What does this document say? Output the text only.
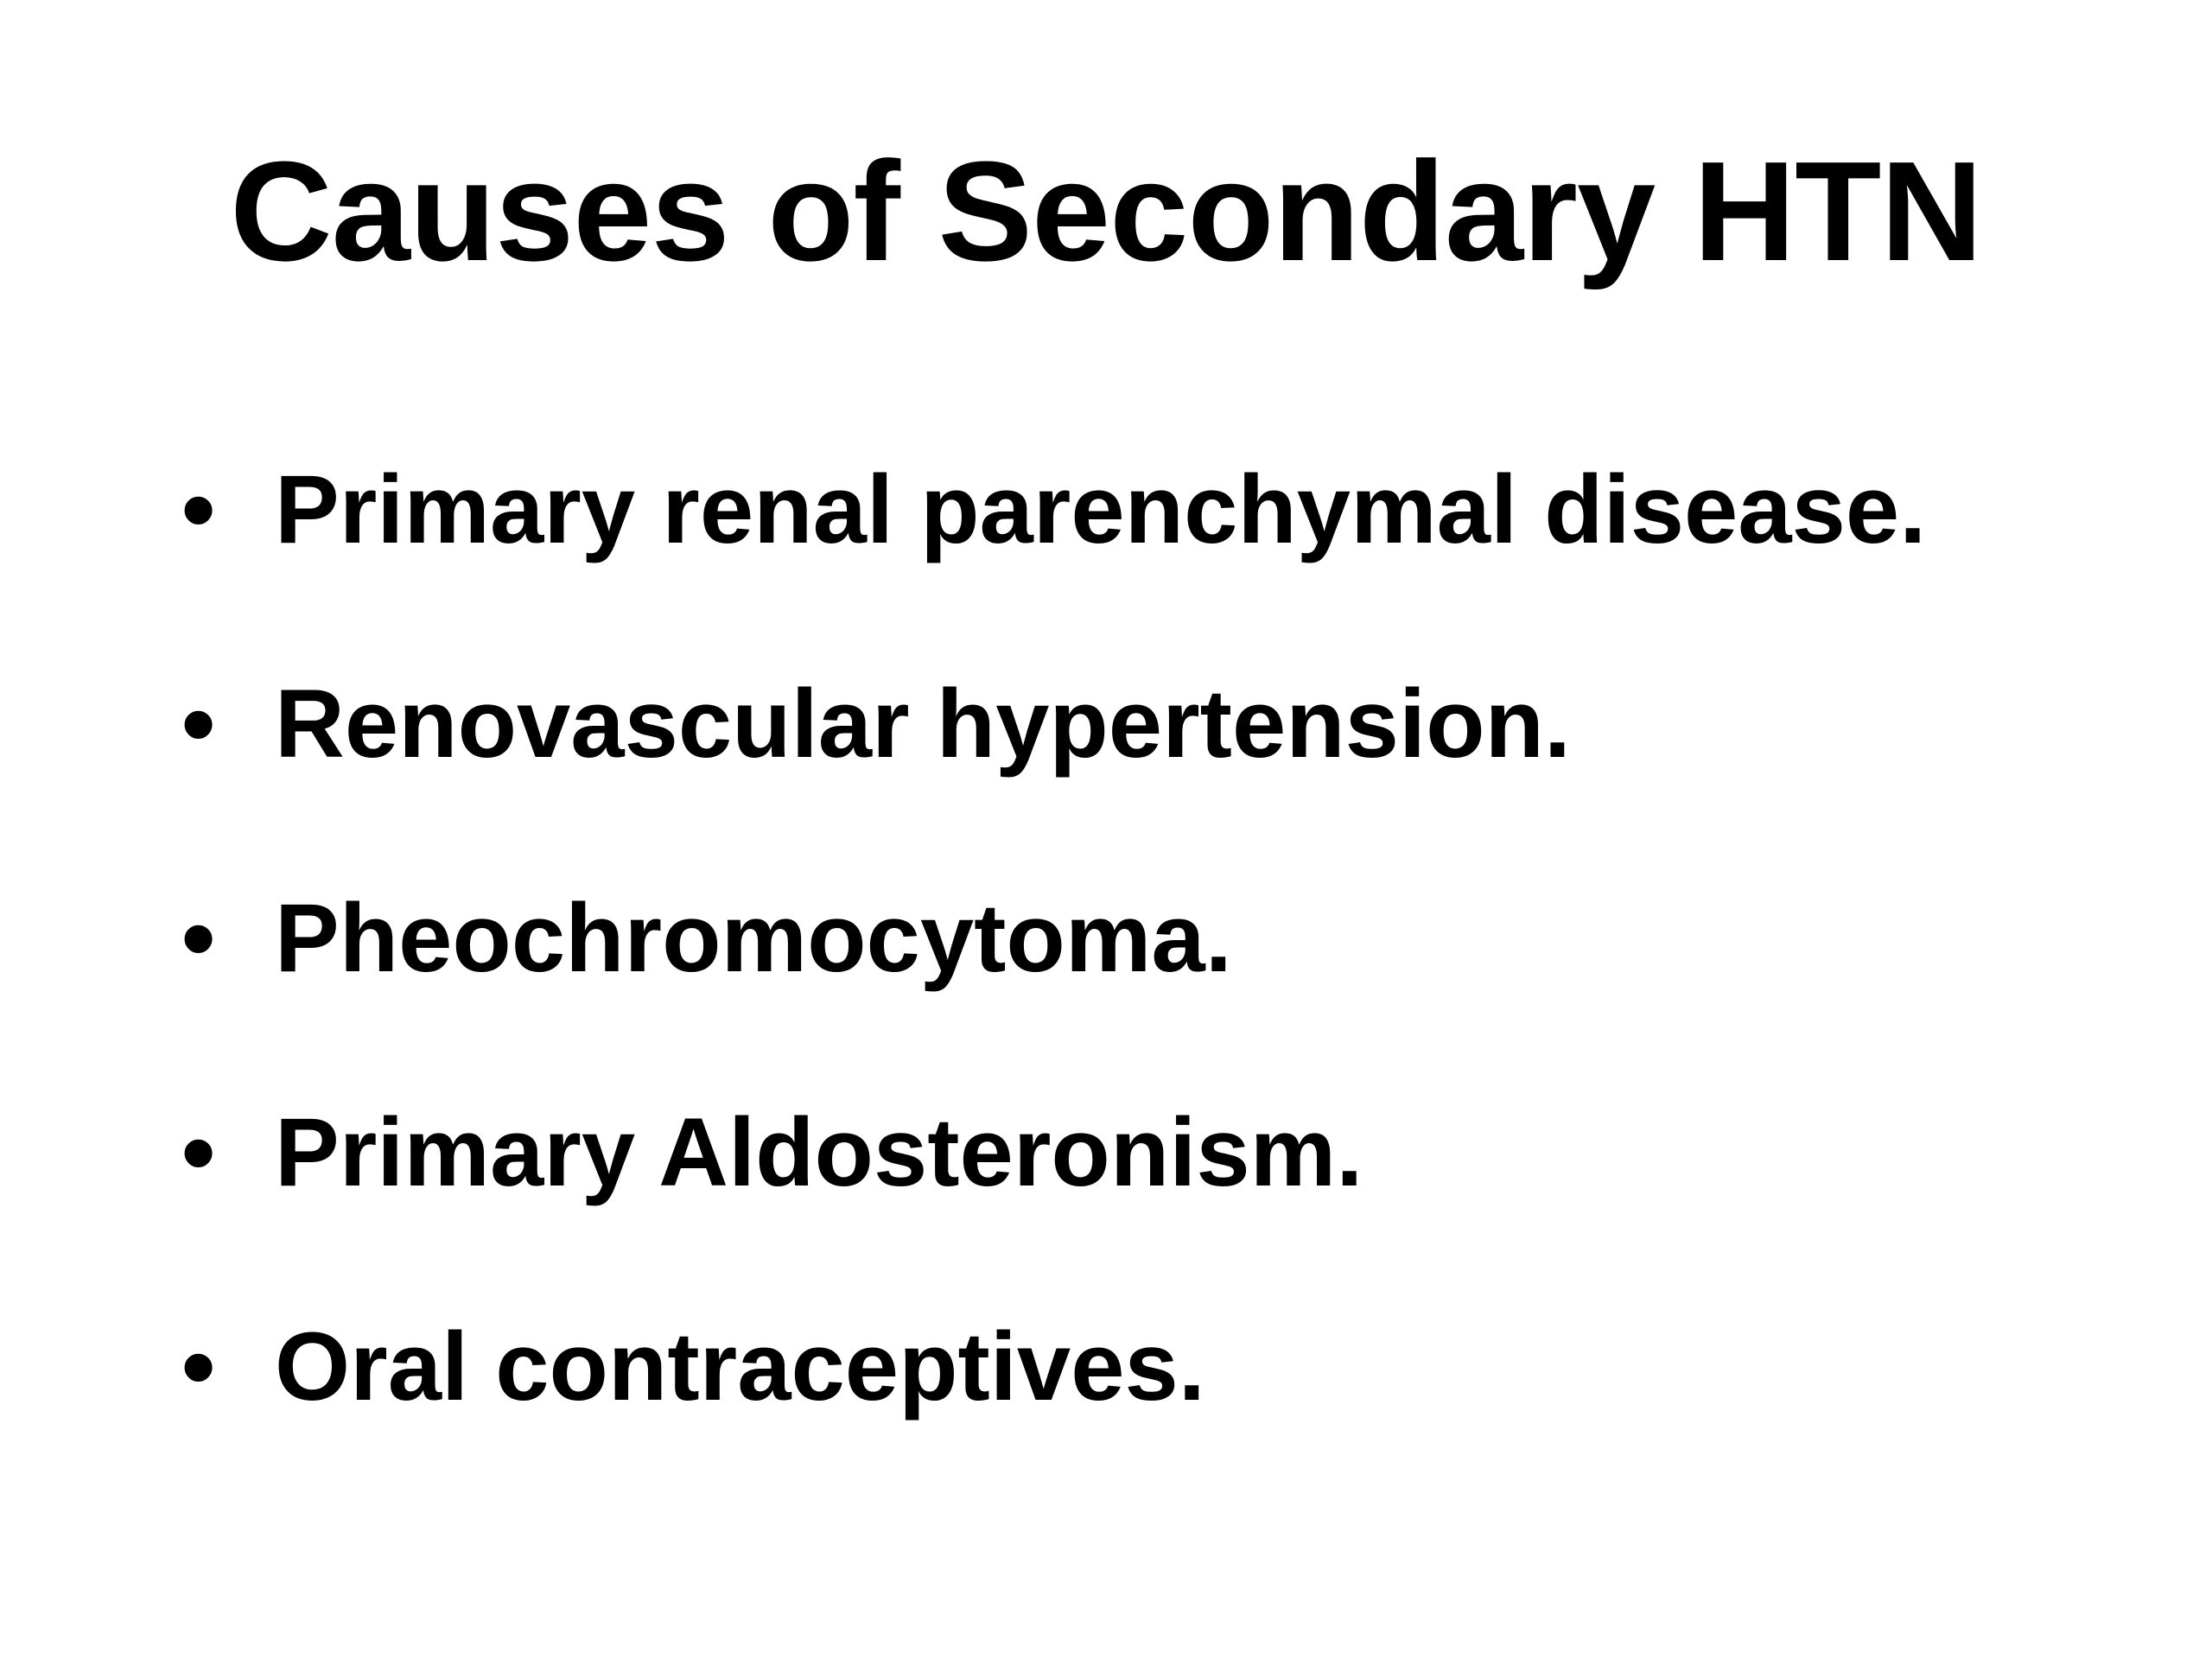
Causes of Secondary HTN
• Primary renal parenchymal disease.
• Renovascular hypertension.
• Pheochromocytoma.
• Primary Aldosteronism.
• Oral contraceptives.
